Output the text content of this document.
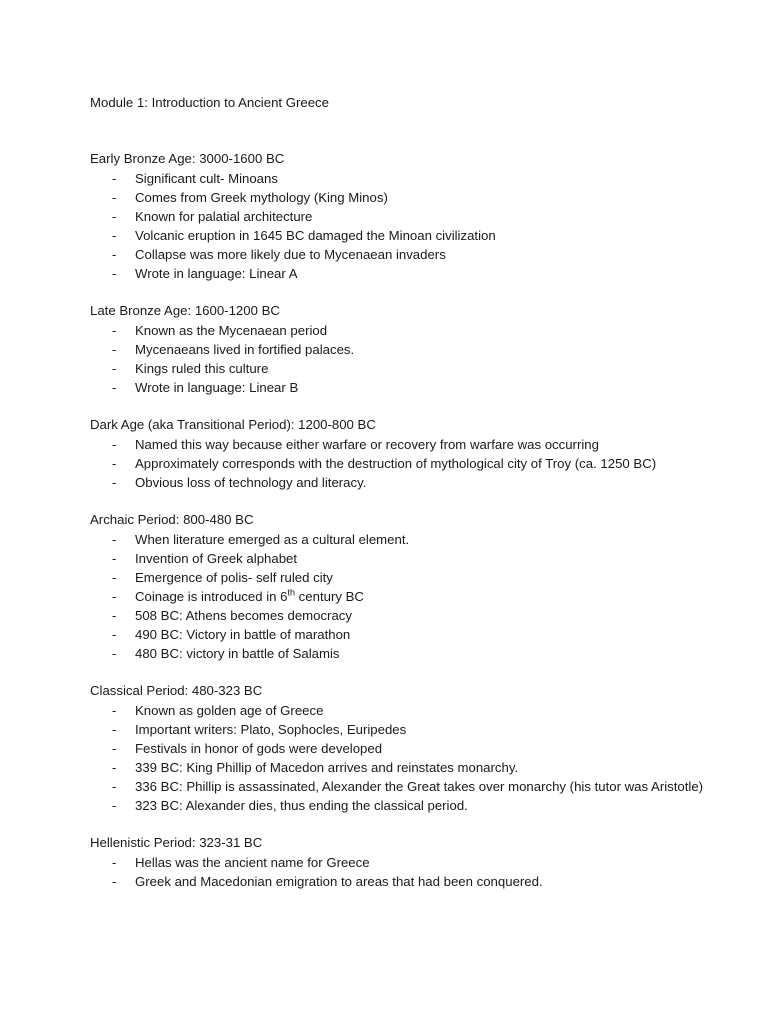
Module 1: Introduction to Ancient Greece
Early Bronze Age: 3000-1600 BC
- Significant cult- Minoans
- Comes from Greek mythology (King Minos)
- Known for palatial architecture
- Volcanic eruption in 1645 BC damaged the Minoan civilization
- Collapse was more likely due to Mycenaean invaders
- Wrote in language: Linear A
Late Bronze Age: 1600-1200 BC
- Known as the Mycenaean period
- Mycenaeans lived in fortified palaces.
- Kings ruled this culture
- Wrote in language: Linear B
Dark Age (aka Transitional Period): 1200-800 BC
- Named this way because either warfare or recovery from warfare was occurring
- Approximately corresponds with the destruction of mythological city of Troy (ca. 1250 BC)
- Obvious loss of technology and literacy.
Archaic Period: 800-480 BC
- When literature emerged as a cultural element.
- Invention of Greek alphabet
- Emergence of polis- self ruled city
- Coinage is introduced in 6th century BC
- 508 BC: Athens becomes democracy
- 490 BC: Victory in battle of marathon
- 480 BC: victory in battle of Salamis
Classical Period: 480-323 BC
- Known as golden age of Greece
- Important writers: Plato, Sophocles, Euripedes
- Festivals in honor of gods were developed
- 339 BC: King Phillip of Macedon arrives and reinstates monarchy.
- 336 BC: Phillip is assassinated, Alexander the Great takes over monarchy (his tutor was Aristotle)
- 323 BC: Alexander dies, thus ending the classical period.
Hellenistic Period: 323-31 BC
- Hellas was the ancient name for Greece
- Greek and Macedonian emigration to areas that had been conquered.
